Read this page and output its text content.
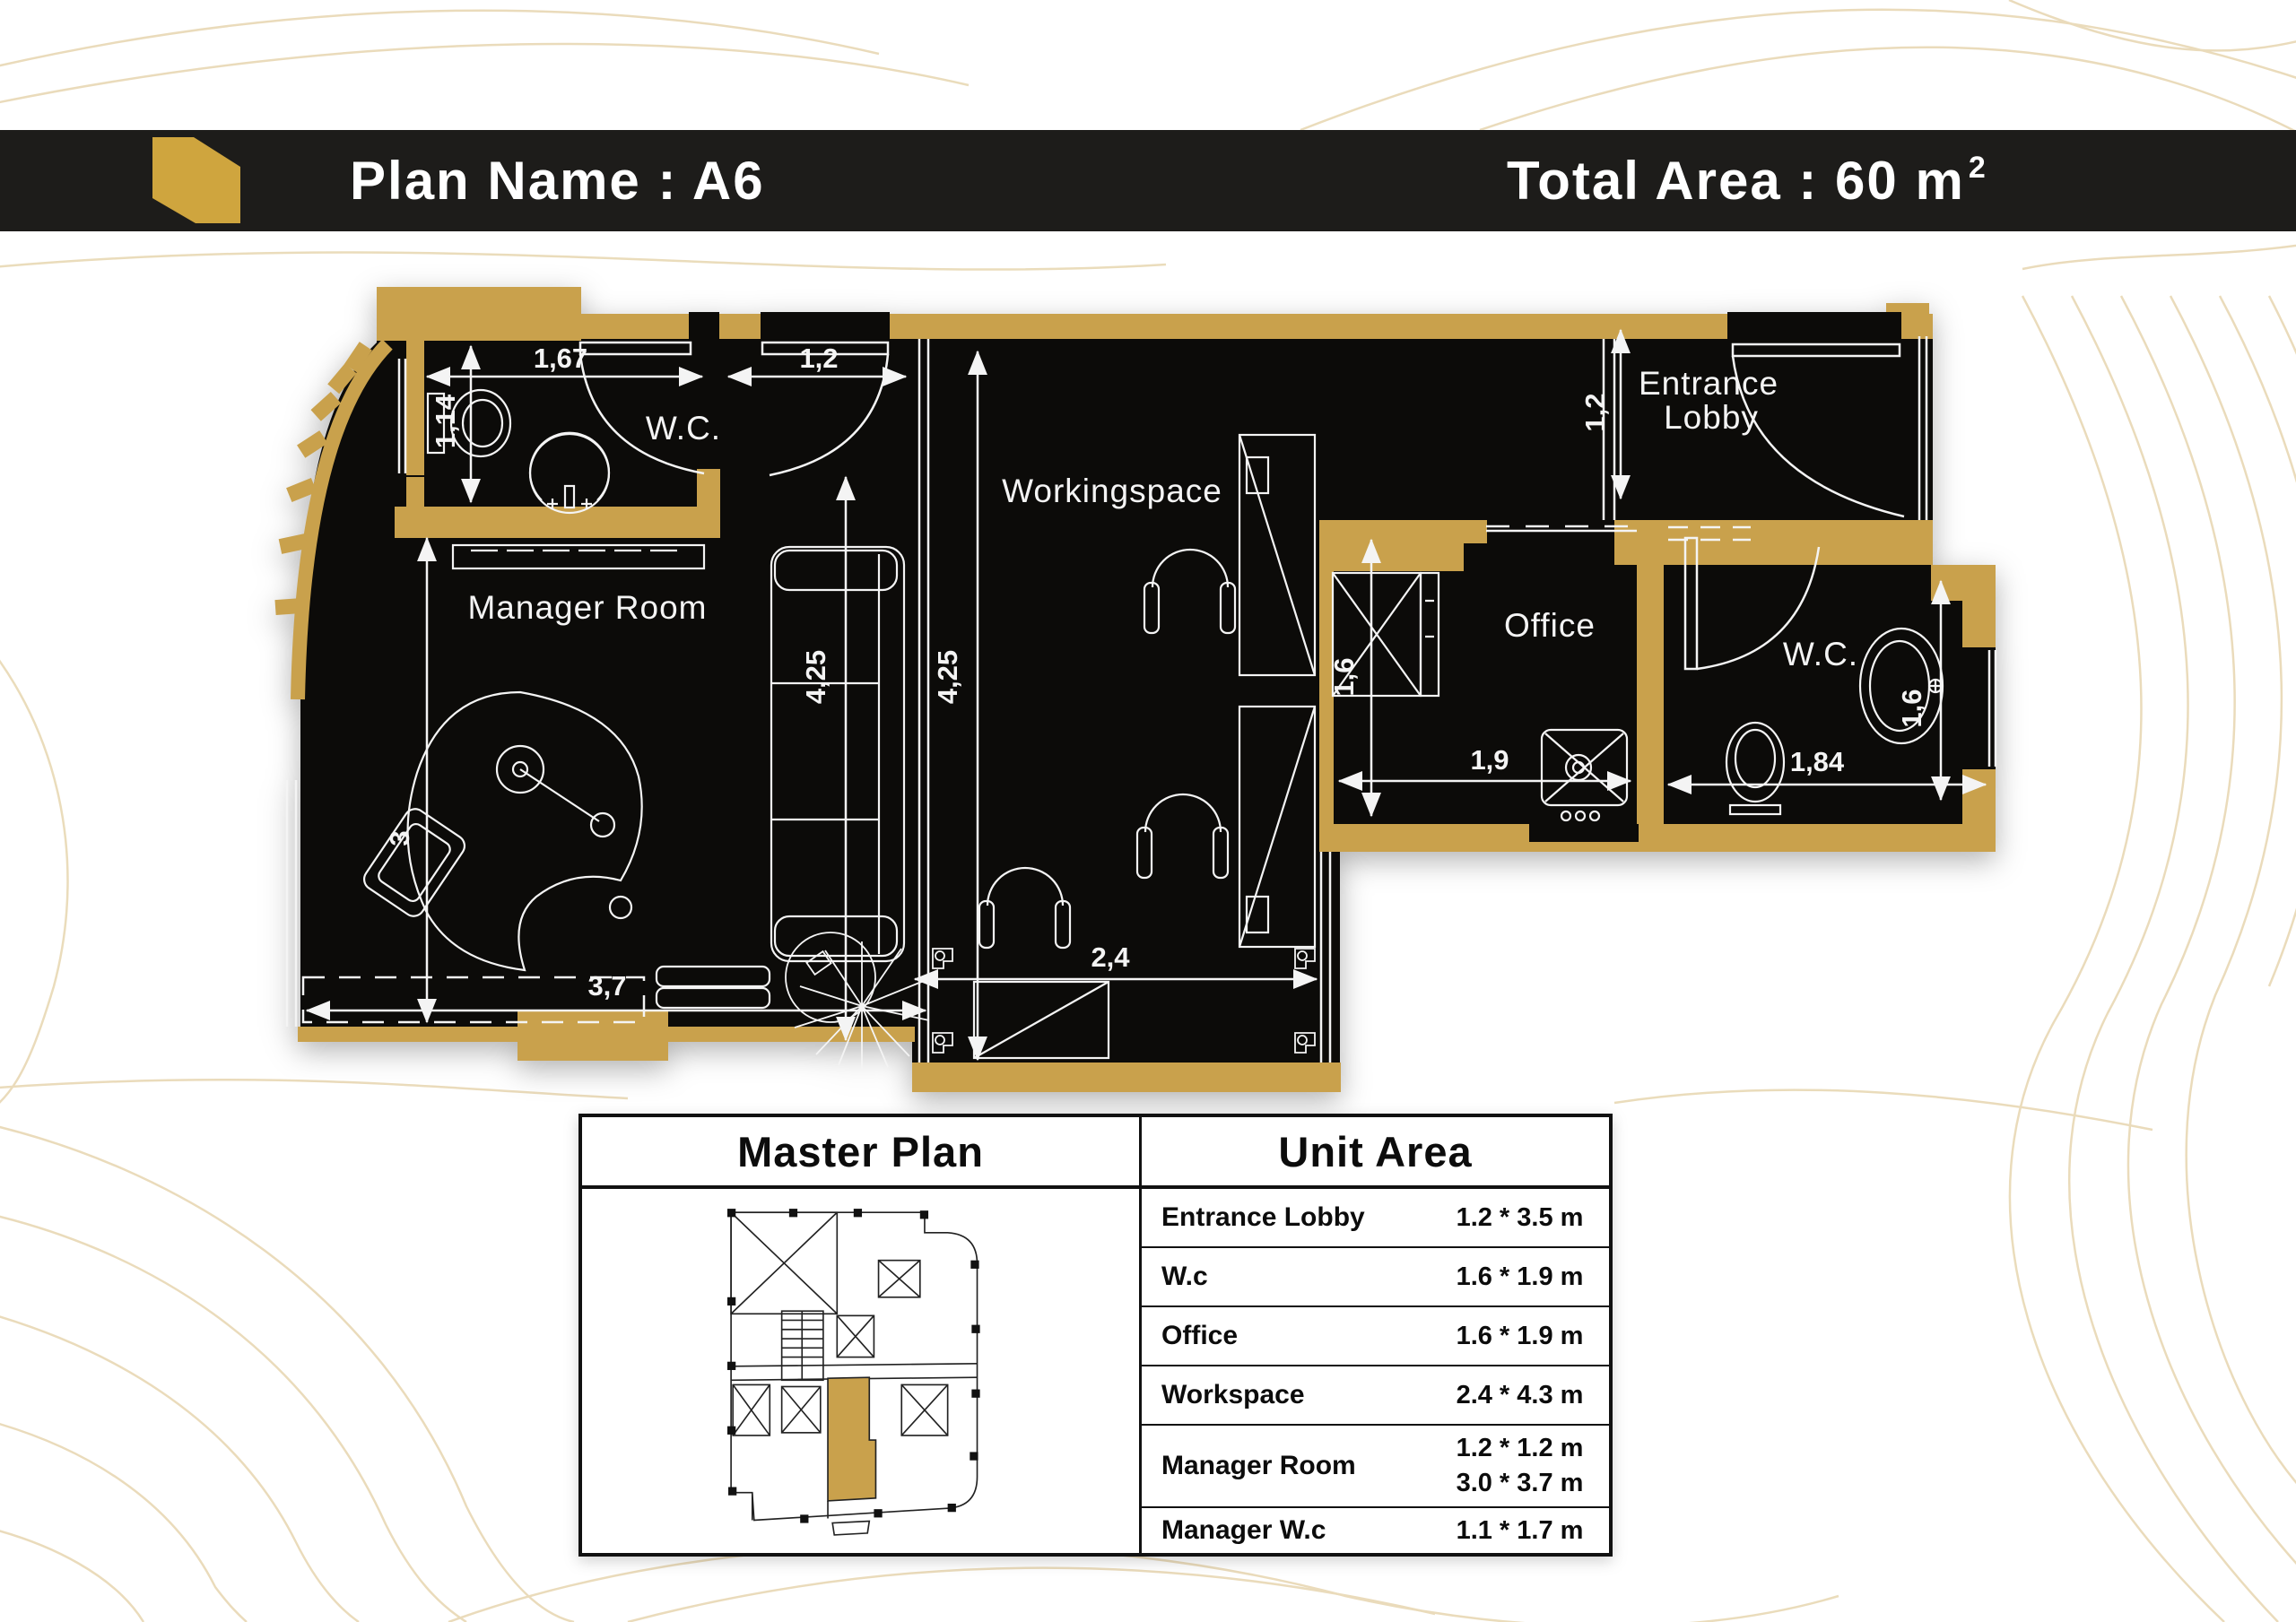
Plan Name : A6	Total Area : 60 $m^2$
1,67	1,2
1,14
3
3,7
4,25	4,25
2,4
1,6
1,9	1,84
1,6
1,2
W.C.
Workingspace
Entrance
Lobby
Manager Room	Office
W.C.
Master Plan	Unit Area
Entrance Lobby	1.2 * 3.5 m
W.c	1.6 * 1.9 m
Office	1.6 * 1.9 m
Workspace	2.4 * 4.3 m
Manager Room
1.2 * 1.2 m
3.0 * 3.7 m
Manager W.c	1.1 * 1.7 m
